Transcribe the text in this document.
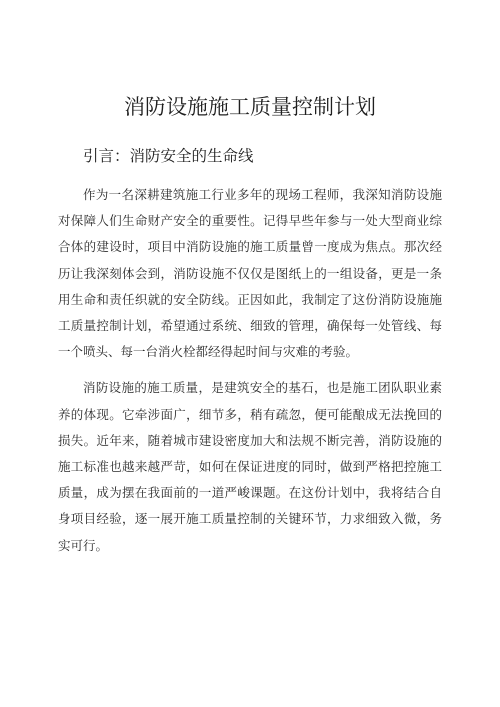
消防设施施工质量控制计划
引言：消防安全的生命线

作为一名深耕建筑施工行业多年的现场工程师，我深知消防设施对保障人们生命财产安全的重要性。记得早些年参与一处大型商业综合体的建设时，项目中消防设施的施工质量曾一度成为焦点。那次经历让我深刻体会到，消防设施不仅仅是图纸上的一组设备，更是一条用生命和责任织就的安全防线。正因如此，我制定了这份消防设施施工质量控制计划，希望通过系统、细致的管理，确保每一处管线、每一个喷头、每一台消火栓都经得起时间与灾难的考验。

消防设施的施工质量，是建筑安全的基石，也是施工团队职业素养的体现。它牵涉面广，细节多，稍有疏忽，便可能酿成无法挽回的损失。近年来，随着城市建设密度加大和法规不断完善，消防设施的施工标准也越来越严苛，如何在保证进度的同时，做到严格把控施工质量，成为摆在我面前的一道严峻课题。在这份计划中，我将结合自身项目经验，逐一展开施工质量控制的关键环节，力求细致入微，务实可行。
